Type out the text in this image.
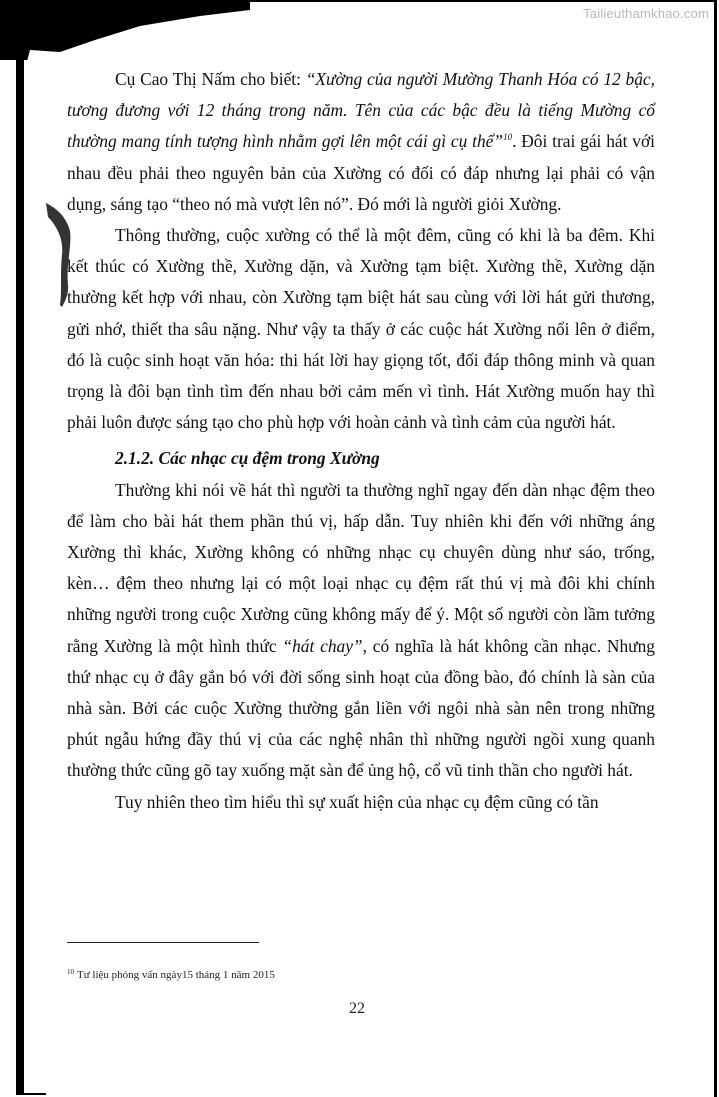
Tailieuthamkhao.com

Cụ Cao Thị Nấm cho biết: “Xường của người Mường Thanh Hóa có 12 bậc, tương đương với 12 tháng trong năm. Tên của các bậc đều là tiếng Mường cổ thường mang tính tượng hình nhằm gợi lên một cái gì cụ thể”$^{10}$. Đôi trai gái hát với nhau đều phải theo nguyên bản của Xường có đối có đáp nhưng lại phải có vận dụng, sáng tạo “theo nó mà vượt lên nó”. Đó mới là người giỏi Xường.

Thông thường, cuộc xường có thể là một đêm, cũng có khi là ba đêm. Khi kết thúc có Xường thề, Xường dặn, và Xường tạm biệt. Xường thề, Xường dặn thường kết hợp với nhau, còn Xường tạm biệt hát sau cùng với lời hát gửi thương, gửi nhớ, thiết tha sâu nặng. Như vậy ta thấy ở các cuộc hát Xường nổi lên ở điểm, đó là cuộc sinh hoạt văn hóa: thi hát lời hay giọng tốt, đối đáp thông minh và quan trọng là đôi bạn tình tìm đến nhau bởi cảm mến vì tình. Hát Xường muốn hay thì phải luôn được sáng tạo cho phù hợp với hoàn cảnh và tình cảm của người hát.

2.1.2. Các nhạc cụ đệm trong Xường

Thường khi nói về hát thì người ta thường nghĩ ngay đến dàn nhạc đệm theo để làm cho bài hát them phần thú vị, hấp dẫn. Tuy nhiên khi đến với những áng Xường thì khác, Xường không có những nhạc cụ chuyên dùng như sáo, trống, kèn… đệm theo nhưng lại có một loại nhạc cụ đệm rất thú vị mà đôi khi chính những người trong cuộc Xường cũng không mấy để ý. Một số người còn lầm tưởng rằng Xường là một hình thức “hát chay”, có nghĩa là hát không cần nhạc. Nhưng thứ nhạc cụ ở đây gắn bó với đời sống sinh hoạt của đồng bào, đó chính là sàn của nhà sàn. Bởi các cuộc Xường thường gắn liền với ngôi nhà sàn nên trong những phút ngẫu hứng đầy thú vị của các nghệ nhân thì những người ngồi xung quanh thường thức cũng gõ tay xuống mặt sàn để ủng hộ, cổ vũ tinh thần cho người hát.

Tuy nhiên theo tìm hiểu thì sự xuất hiện của nhạc cụ đệm cũng có tần

$^{10}$ Tư liệu phỏng vấn ngày15 tháng 1 năm 2015
22
